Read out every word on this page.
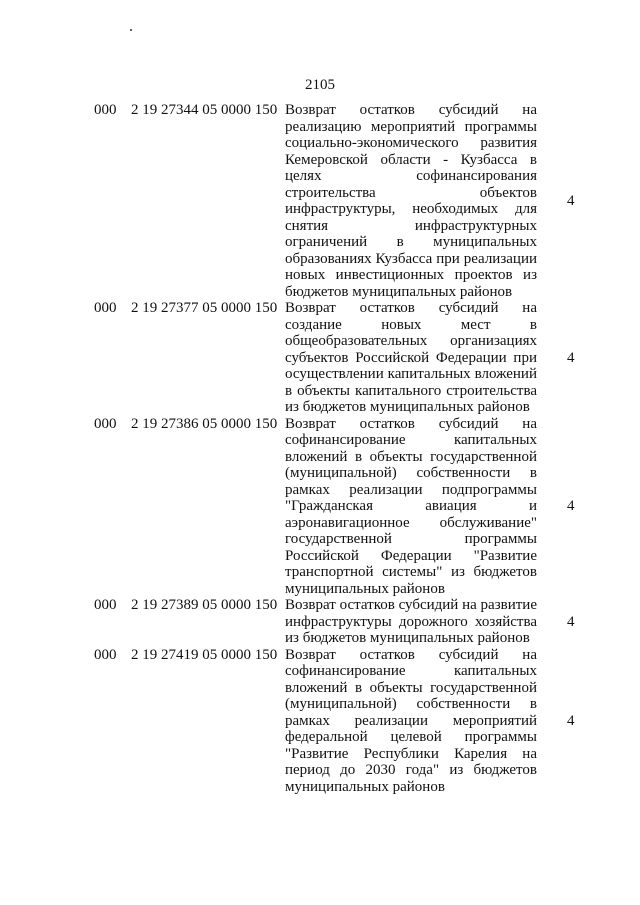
2105
000 2 19 27344 05 0000 150 Возврат остатков субсидий на реализацию мероприятий программы социально-экономического развития Кемеровской области - Кузбасса в целях софинансирования строительства объектов инфраструктуры, необходимых для снятия инфраструктурных ограничений в муниципальных образованиях Кузбасса при реализации новых инвестиционных проектов из бюджетов муниципальных районов
4
000 2 19 27377 05 0000 150 Возврат остатков субсидий на создание новых мест в общеобразовательных организациях субъектов Российской Федерации при осуществлении капитальных вложений в объекты капитального строительства из бюджетов муниципальных районов
4
000 2 19 27386 05 0000 150 Возврат остатков субсидий на софинансирование капитальных вложений в объекты государственной (муниципальной) собственности в рамках реализации подпрограммы "Гражданская авиация и аэронавигационное обслуживание" государственной программы Российской Федерации "Развитие транспортной системы" из бюджетов муниципальных районов
4
000 2 19 27389 05 0000 150 Возврат остатков субсидий на развитие инфраструктуры дорожного хозяйства из бюджетов муниципальных районов
4
000 2 19 27419 05 0000 150 Возврат остатков субсидий на софинансирование капитальных вложений в объекты государственной (муниципальной) собственности в рамках реализации мероприятий федеральной целевой программы "Развитие Республики Карелия на период до 2030 года" из бюджетов муниципальных районов
4
